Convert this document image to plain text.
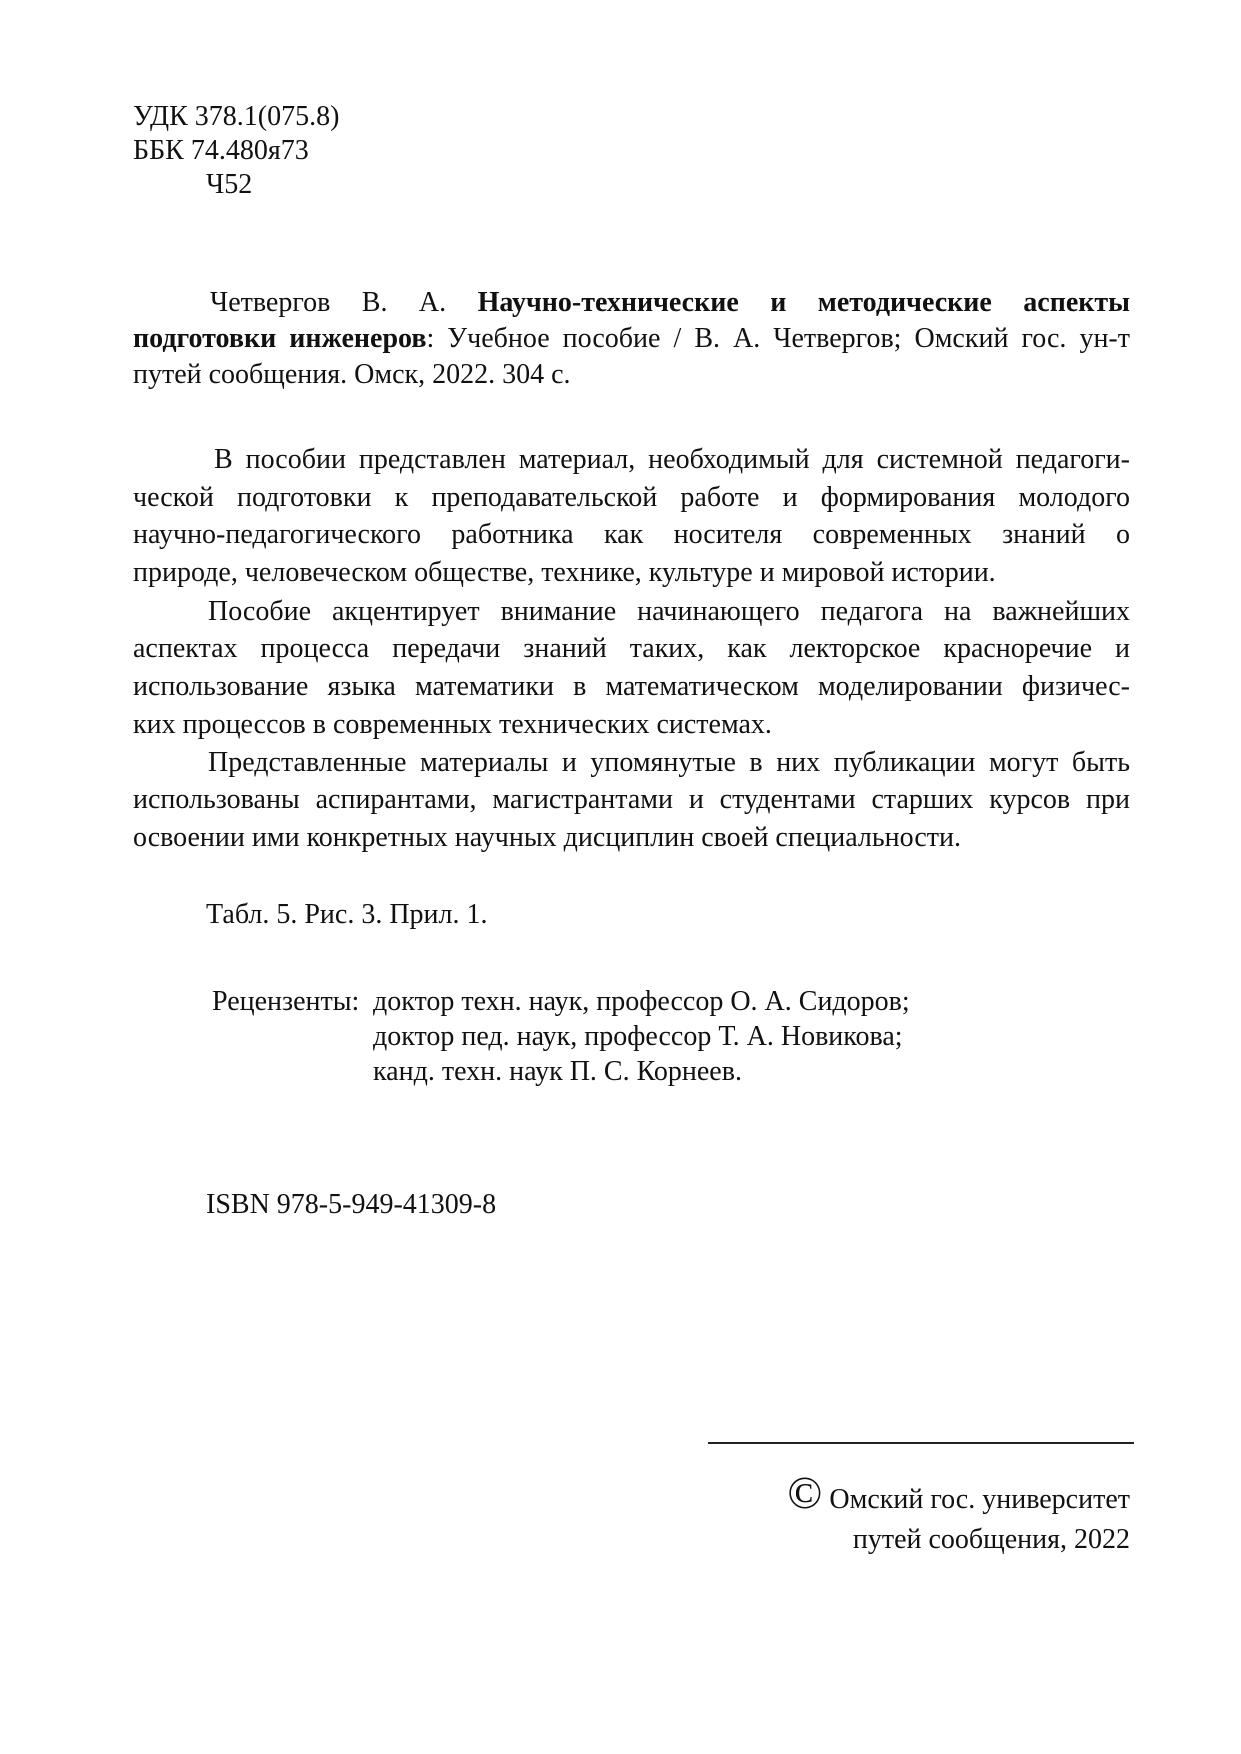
УДК 378.1(075.8)
ББК 74.480я73
Ч52
Четвергов В. А. Научно-технические и методические аспекты
подготовки инженеров: Учебное пособие / В. А. Четвергов; Омский гос. ун-т
путей сообщения. Омск, 2022. 304 с.
В пособии представлен материал, необходимый для системной педагоги-
ческой подготовки к преподавательской работе и формирования молодого
научно-педагогического работника как носителя современных знаний о
природе, человеческом обществе, технике, культуре и мировой истории.
Пособие акцентирует внимание начинающего педагога на важнейших
аспектах процесса передачи знаний таких, как лекторское красноречие и
использование языка математики в математическом моделировании физичес-
ких процессов в современных технических системах.
Представленные материалы и упомянутые в них публикации могут быть
использованы аспирантами, магистрантами и студентами старших курсов при
освоении ими конкретных научных дисциплин своей специальности.
Табл. 5. Рис. 3. Прил. 1.
Рецензенты: доктор техн. наук, профессор О. А. Сидоров;
доктор пед. наук, профессор Т. А. Новикова;
канд. техн. наук П. С. Корнеев.
ISBN 978-5-949-41309-8
© Омский гос. университет
путей сообщения, 2022
